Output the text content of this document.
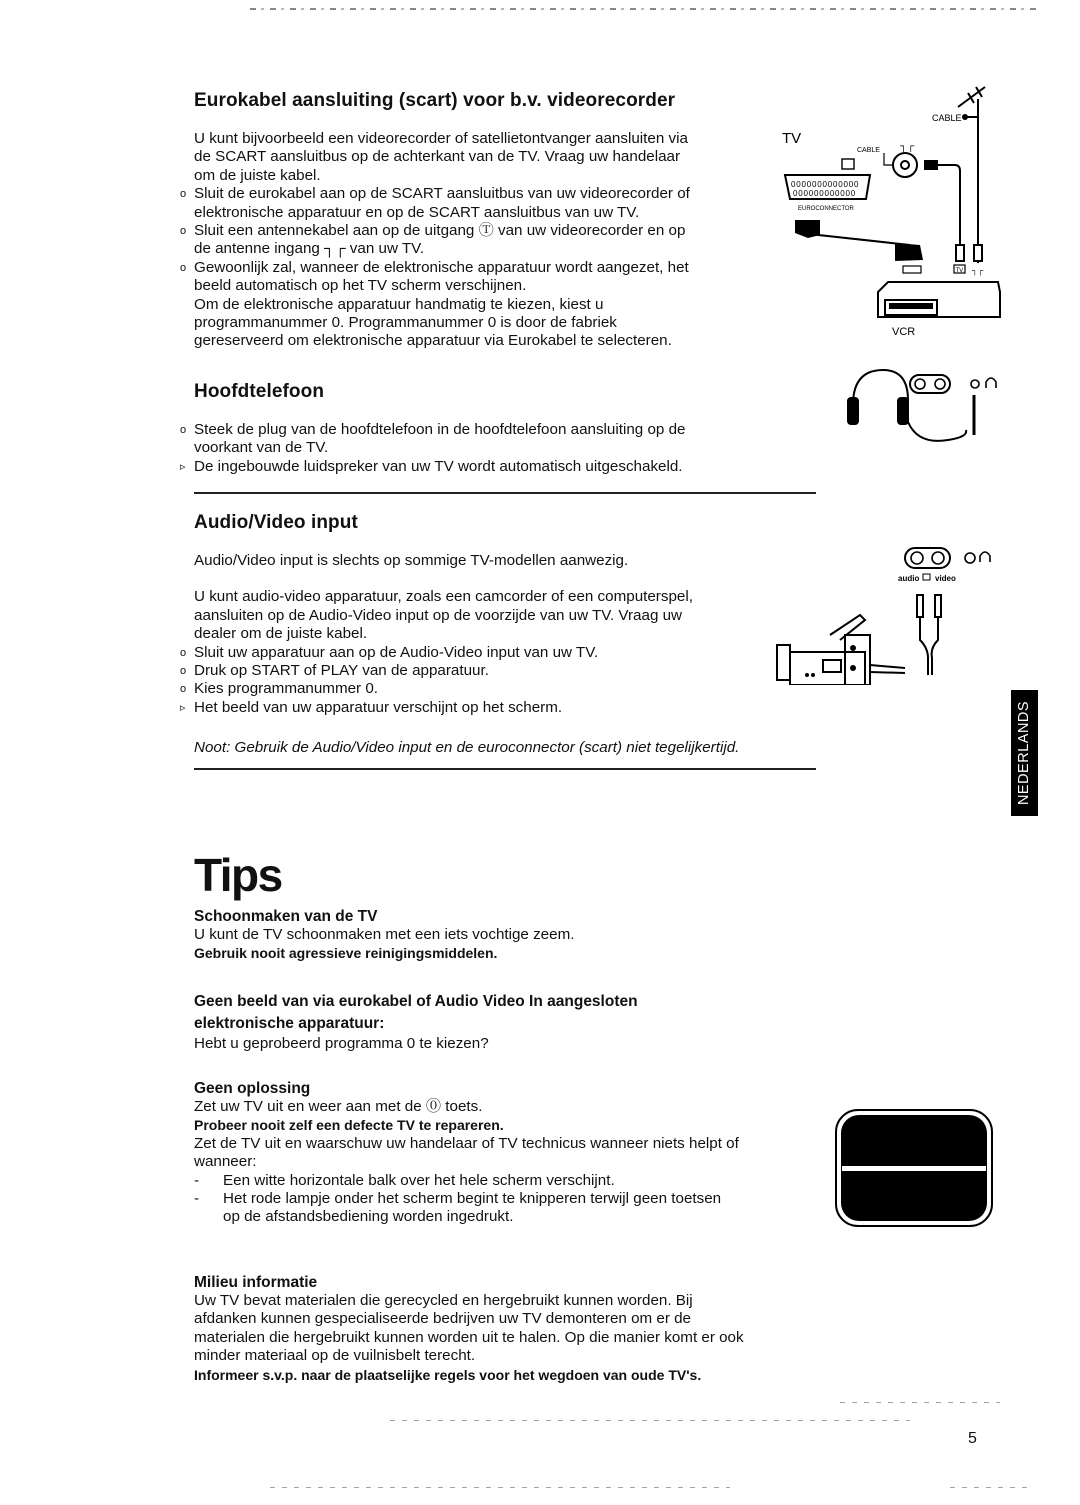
Eurokabel aansluiting (scart) voor b.v. videorecorder

U kunt bijvoorbeeld een videorecorder of satellietontvanger aansluiten via

de SCART aansluitbus op de achterkant van de TV. Vraag uw handelaar

om de juiste kabel.

o Sluit de eurokabel aan op de SCART aansluitbus van uw videorecorder of

elektronische apparatuur en op de SCART aansluitbus van uw TV.

o Sluit een antennekabel aan op de uitgang Ⓣ van uw videorecorder en op

de antenne ingang ┐┌ van uw TV.

o Gewoonlijk zal, wanneer de elektronische apparatuur wordt aangezet, het

beeld automatisch op het TV scherm verschijnen.

Om de elektronische apparatuur handmatig te kiezen, kiest u

programmanummer 0. Programmanummer 0 is door de fabriek

gereserveerd om elektronische apparatuur via Eurokabel te selecteren.

CABLE
TV
CABLE ┐┌
0000000000000
000000000000
EUROCONNECTOR
TV ┐┌
VCR
Hoofdtelefoon
o Steek de plug van de hoofdtelefoon in de hoofdtelefoon aansluiting op de

voorkant van de TV.

▹ De ingebouwde luidspreker van uw TV wordt automatisch uitgeschakeld.

Audio/Video input

Audio/Video input is slechts op sommige TV-modellen aanwezig.

U kunt audio-video apparatuur, zoals een camcorder of een computerspel,

aansluiten op de Audio-Video input op de voorzijde van uw TV. Vraag uw

dealer om de juiste kabel.

o Sluit uw apparatuur aan op de Audio-Video input van uw TV.

o Druk op START of PLAY van de apparatuur.

o Kies programmanummer 0.

▹ Het beeld van uw apparatuur verschijnt op het scherm.

Noot: Gebruik de Audio/Video input en de euroconnector (scart) niet tegelijkertijd.

audio video
NEDERLANDS
Tips
Schoonmaken van de TV

U kunt de TV schoonmaken met een iets vochtige zeem.

Gebruik nooit agressieve reinigingsmiddelen.

Geen beeld van via eurokabel of Audio Video In aangesloten
elektronische apparatuur:

Hebt u geprobeerd programma 0 te kiezen?

Geen oplossing

Zet uw TV uit en weer aan met de ⓪ toets.

Probeer nooit zelf een defecte TV te repareren.

Zet de TV uit en waarschuw uw handelaar of TV technicus wanneer niets helpt of

wanneer:

- Een witte horizontale balk over het hele scherm verschijnt.

- Het rode lampje onder het scherm begint te knipperen terwijl geen toetsen

op de afstandsbediening worden ingedrukt.

Milieu informatie

Uw TV bevat materialen die gerecycled en hergebruikt kunnen worden. Bij

afdanken kunnen gespecialiseerde bedrijven uw TV demonteren om er de

materialen die hergebruikt kunnen worden uit te halen. Op die manier komt er ook

minder materiaal op de vuilnisbelt terecht.

Informeer s.v.p. naar de plaatselijke regels voor het wegdoen van oude TV's.

5
